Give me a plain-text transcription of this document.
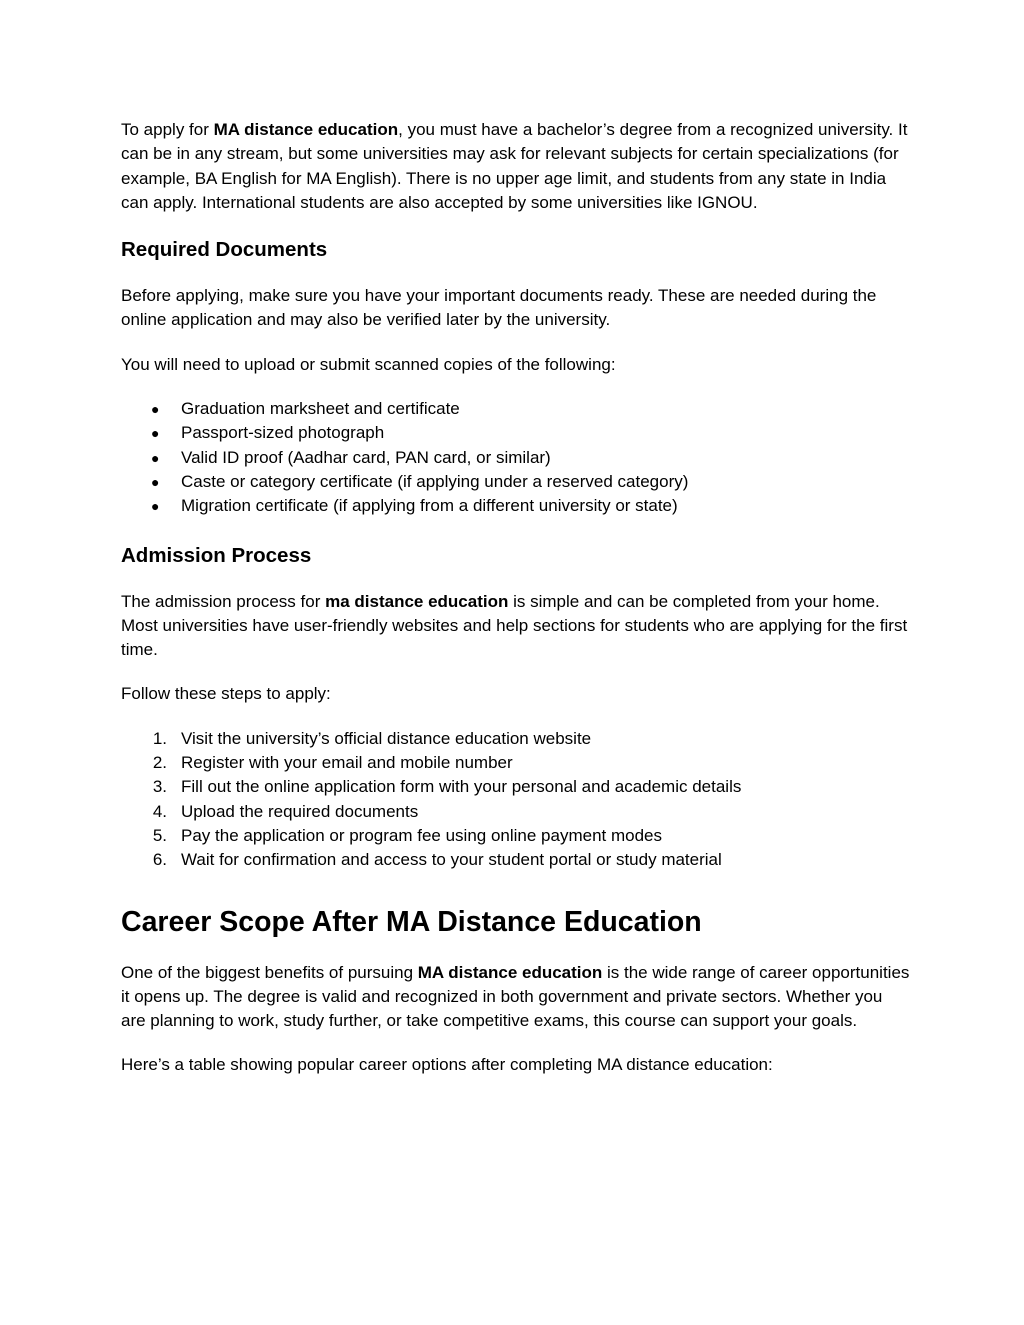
To apply for MA distance education, you must have a bachelor’s degree from a recognized university. It can be in any stream, but some universities may ask for relevant subjects for certain specializations (for example, BA English for MA English). There is no upper age limit, and students from any state in India can apply. International students are also accepted by some universities like IGNOU.

Required Documents

Before applying, make sure you have your important documents ready. These are needed during the online application and may also be verified later by the university.

You will need to upload or submit scanned copies of the following:

● Graduation marksheet and certificate
● Passport-sized photograph
● Valid ID proof (Aadhar card, PAN card, or similar)
● Caste or category certificate (if applying under a reserved category)
● Migration certificate (if applying from a different university or state)
Admission Process

The admission process for ma distance education is simple and can be completed from your home. Most universities have user-friendly websites and help sections for students who are applying for the first time.

Follow these steps to apply:

1. Visit the university’s official distance education website
2. Register with your email and mobile number
3. Fill out the online application form with your personal and academic details
4. Upload the required documents
5. Pay the application or program fee using online payment modes
6. Wait for confirmation and access to your student portal or study material
Career Scope After MA Distance Education

One of the biggest benefits of pursuing MA distance education is the wide range of career opportunities it opens up. The degree is valid and recognized in both government and private sectors. Whether you are planning to work, study further, or take competitive exams, this course can support your goals.

Here’s a table showing popular career options after completing MA distance education:
